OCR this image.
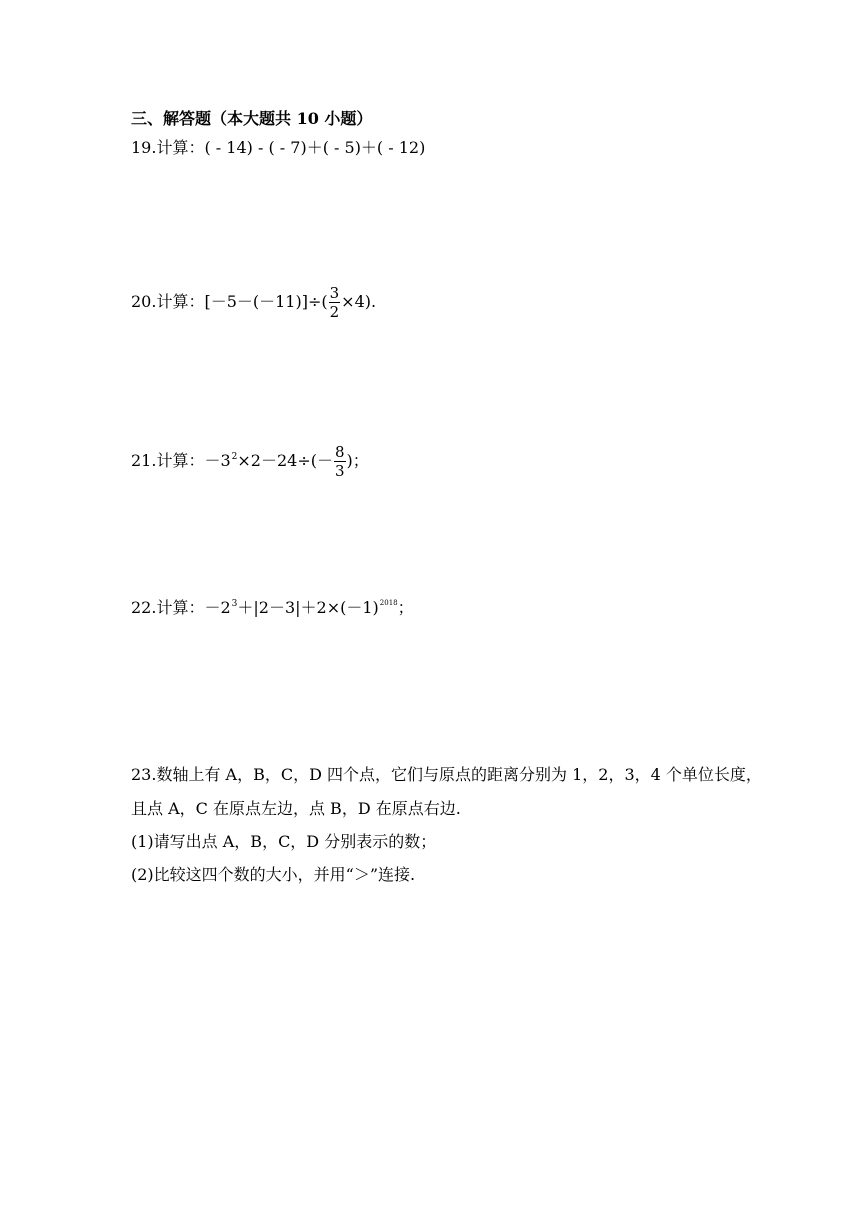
三、解答题（本大题共 10 小题）
19.计算：( - 14) - ( - 7)＋( - 5)＋( - 12)
20.计算：$[-5-(-11)]\div( \frac{3}{2} \times 4)$.
21.计算：$-3^2\times 2-24\div(- \frac{8}{3}$ )；
22.计算：$-2^3+|2-3|+2\times(-1)^{2018}$；
23.数轴上有 A，B，C，D 四个点，它们与原点的距离分别为 1，2，3，4 个单位长度，
且点 A，C 在原点左边，点 B，D 在原点右边.
(1)请写出点 A，B，C，D 分别表示的数；
(2)比较这四个数的大小，并用“＞”连接.
